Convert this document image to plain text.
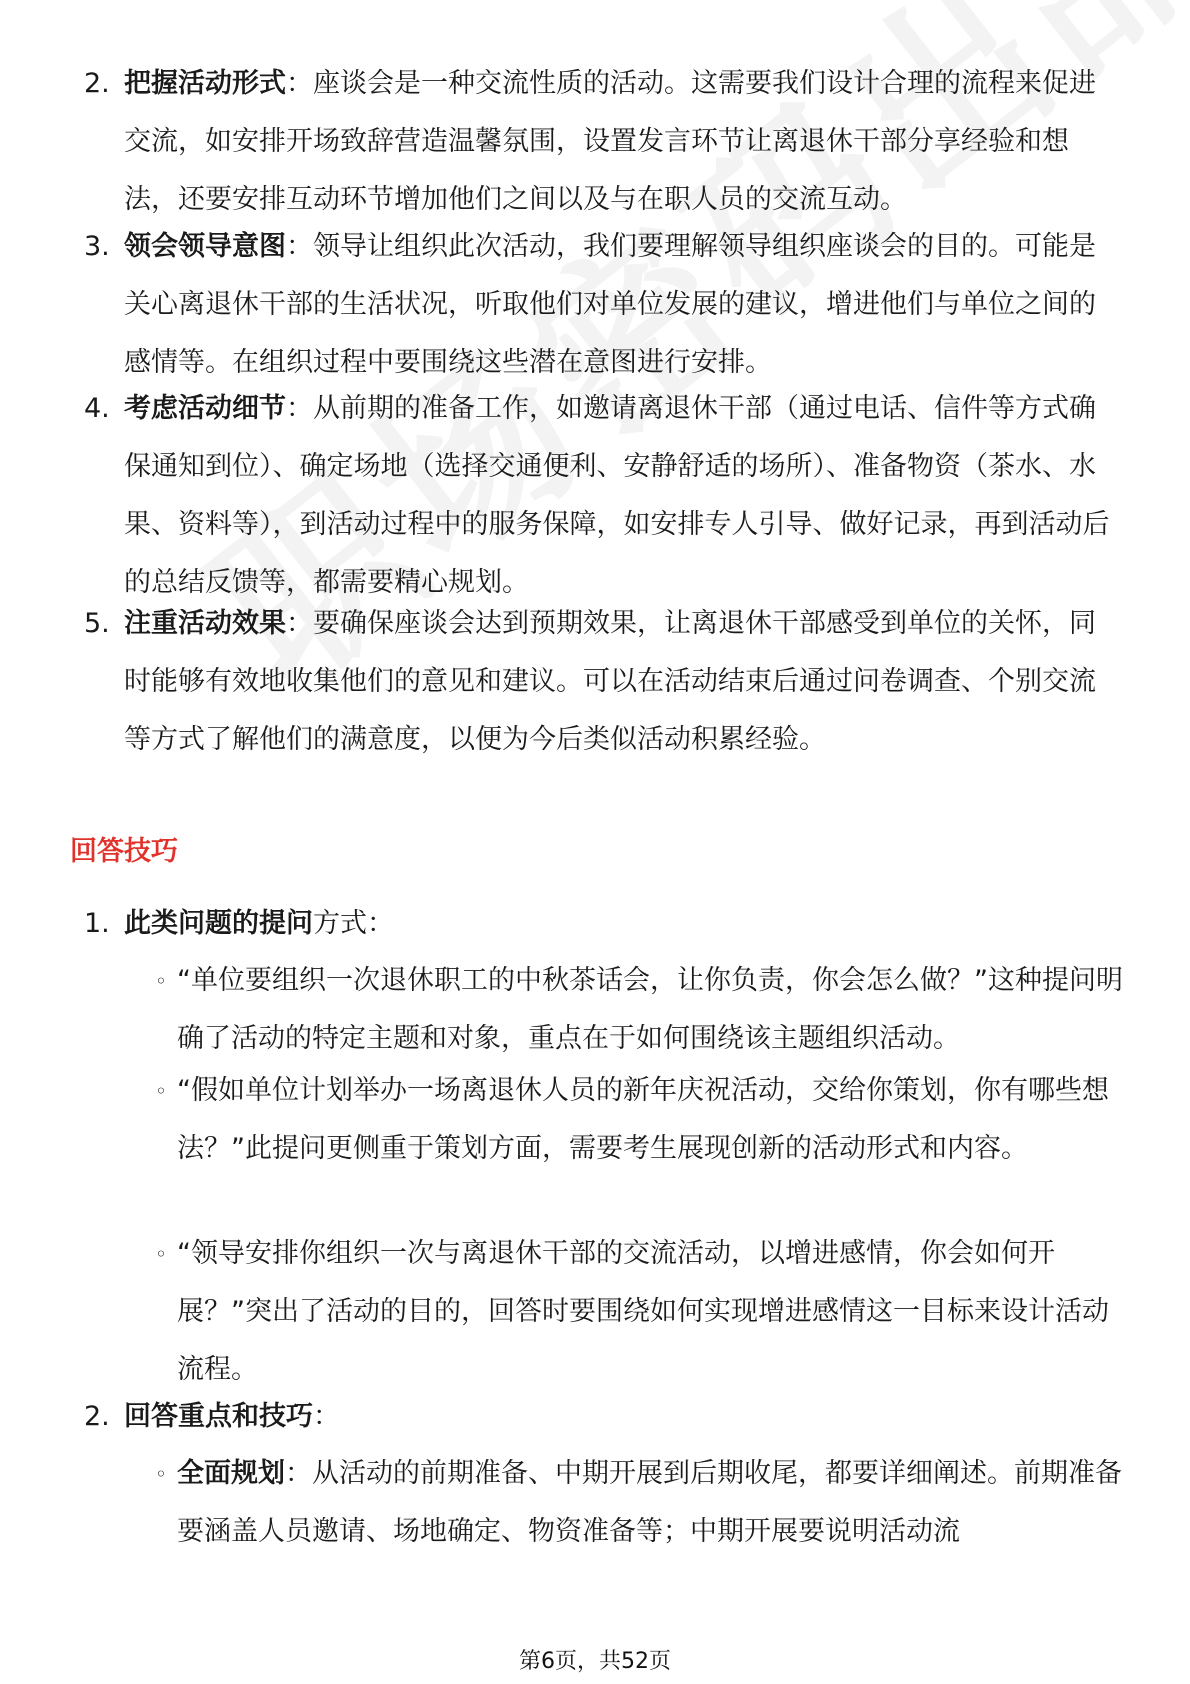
2. 把握活动形式：座谈会是一种交流性质的活动。这需要我们设计合理的流程来促进交流，如安排开场致辞营造温馨氛围，设置发言环节让离退休干部分享经验和想法，还要安排互动环节增加他们之间以及与在职人员的交流互动。
3. 领会领导意图：领导让组织此次活动，我们要理解领导组织座谈会的目的。可能是关心离退休干部的生活状况，听取他们对单位发展的建议，增进他们与单位之间的感情等。在组织过程中要围绕这些潜在意图进行安排。
4. 考虑活动细节：从前期的准备工作，如邀请离退休干部（通过电话、信件等方式确保通知到位）、确定场地（选择交通便利、安静舒适的场所）、准备物资（茶水、水果、资料等），到活动过程中的服务保障，如安排专人引导、做好记录，再到活动后的总结反馈等，都需要精心规划。
5. 注重活动效果：要确保座谈会达到预期效果，让离退休干部感受到单位的关怀，同时能够有效地收集他们的意见和建议。可以在活动结束后通过问卷调查、个别交流等方式了解他们的满意度，以便为今后类似活动积累经验。
回答技巧
1. 此类问题的提问方式：
◦ “单位要组织一次退休职工的中秋茶话会，让你负责，你会怎么做？”这种提问明确了活动的特定主题和对象，重点在于如何围绕该主题组织活动。
◦ “假如单位计划举办一场离退休人员的新年庆祝活动，交给你策划，你有哪些想法？”此提问更侧重于策划方面，需要考生展现创新的活动形式和内容。
◦ “领导安排你组织一次与离退休干部的交流活动，以增进感情，你会如何开展？”突出了活动的目的，回答时要围绕如何实现增进感情这一目标来设计活动流程。
2. 回答重点和技巧：
◦ 全面规划：从活动的前期准备、中期开展到后期收尾，都要详细阐述。前期准备要涵盖人员邀请、场地确定、物资准备等；中期开展要说明活动流
第6页，共52页
